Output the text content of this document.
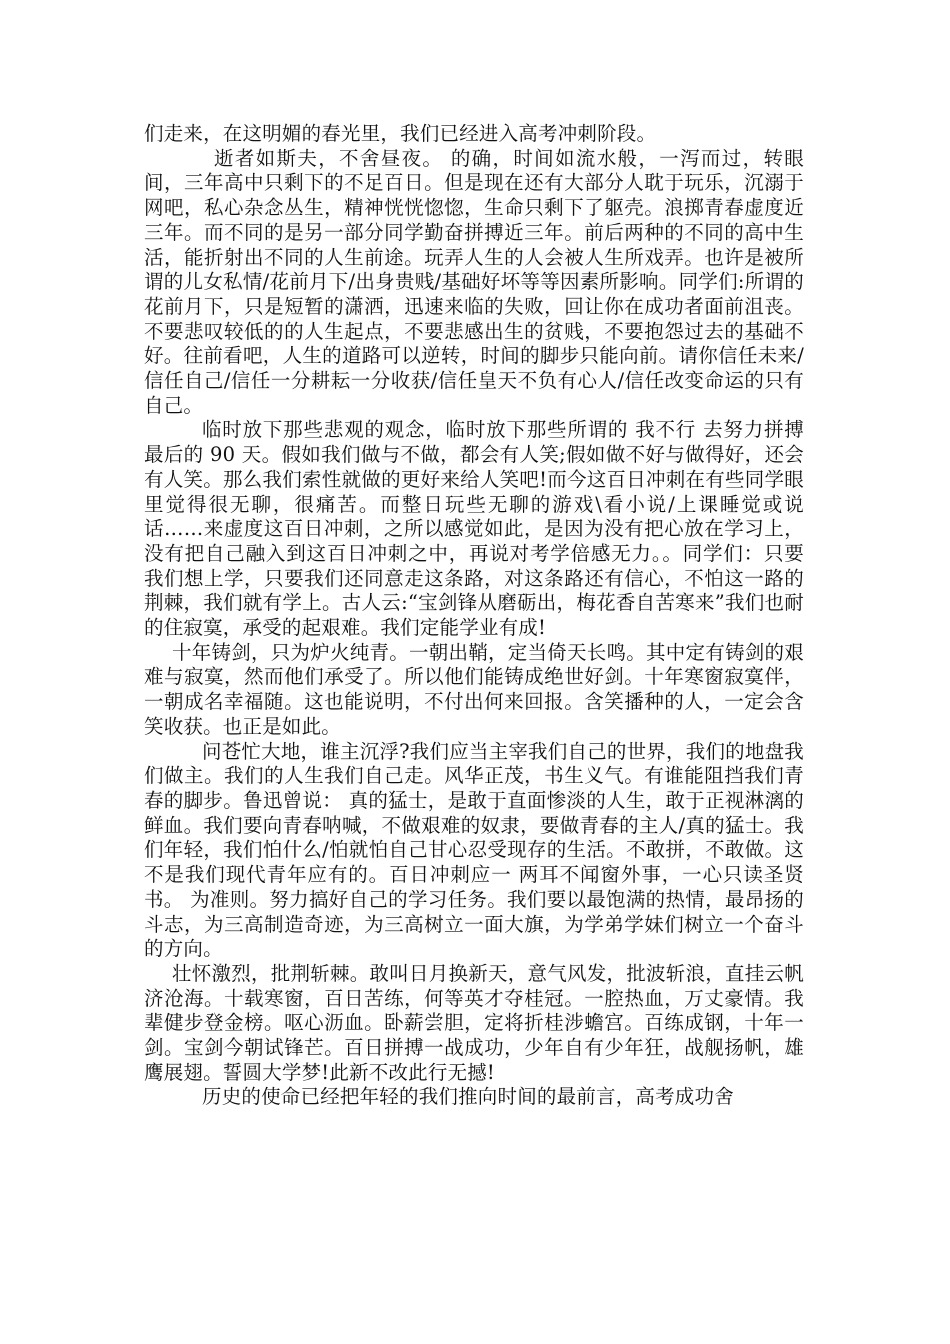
们走来，在这明媚的春光里，我们已经进入高考冲刺阶段。

逝者如斯夫，不舍昼夜。 的确，时间如流水般，一泻而过，转眼间，三年高中只剩下的不足百日。但是现在还有大部分人耽于玩乐，沉溺于网吧，私心杂念丛生，精神恍恍惚惚，生命只剩下了躯壳。浪掷青春虚度近三年。而不同的是另一部分同学勤奋拼搏近三年。前后两种的不同的高中生活，能折射出不同的人生前途。玩弄人生的人会被人生所戏弄。也许是被所谓的儿女私情/花前月下/出身贵贱/基础好坏等等因素所影响。同学们:所谓的花前月下，只是短暂的潇洒，迅速来临的失败，回让你在成功者面前沮丧。不要悲叹较低的的人生起点，不要悲感出生的贫贱，不要抱怨过去的基础不好。往前看吧，人生的道路可以逆转，时间的脚步只能向前。请你信任未来/信任自己/信任一分耕耘一分收获/信任皇天不负有心人/信任改变命运的只有自己。

临时放下那些悲观的观念，临时放下那些所谓的 我不行 去努力拼搏最后的 90 天。假如我们做与不做，都会有人笑;假如做不好与做得好，还会有人笑。那么我们索性就做的更好来给人笑吧!而今这百日冲刺在有些同学眼里觉得很无聊，很痛苦。而整日玩些无聊的游戏\看小说/上课睡觉或说话……来虚度这百日冲刺，之所以感觉如此，是因为没有把心放在学习上，没有把自己融入到这百日冲刺之中，再说对考学倍感无力。。同学们：只要我们想上学，只要我们还同意走这条路，对这条路还有信心，不怕这一路的荆棘，我们就有学上。古人云:“宝剑锋从磨砺出，梅花香自苦寒来”我们也耐的住寂寞，承受的起艰难。我们定能学业有成!

十年铸剑，只为炉火纯青。一朝出鞘，定当倚天长鸣。其中定有铸剑的艰难与寂寞，然而他们承受了。所以他们能铸成绝世好剑。十年寒窗寂寞伴，一朝成名幸福随。这也能说明，不付出何来回报。含笑播种的人，一定会含笑收获。也正是如此。

问苍忙大地，谁主沉浮?我们应当主宰我们自己的世界，我们的地盘我们做主。我们的人生我们自己走。风华正茂，书生义气。有谁能阻挡我们青春的脚步。鲁迅曾说： 真的猛士，是敢于直面惨淡的人生，敢于正视淋漓的鲜血。我们要向青春呐喊，不做艰难的奴隶，要做青春的主人/真的猛士。我们年轻，我们怕什么/怕就怕自己甘心忍受现存的生活。不敢拼，不敢做。这不是我们现代青年应有的。百日冲刺应一 两耳不闻窗外事，一心只读圣贤书。 为准则。努力搞好自己的学习任务。我们要以最饱满的热情，最昂扬的斗志，为三高制造奇迹，为三高树立一面大旗，为学弟学妹们树立一个奋斗的方向。

壮怀激烈，批荆斩棘。敢叫日月换新天，意气风发，批波斩浪，直挂云帆济沧海。十载寒窗，百日苦练，何等英才夺桂冠。一腔热血，万丈豪情。我辈健步登金榜。呕心沥血。卧薪尝胆，定将折桂涉蟾宫。百练成钢，十年一剑。宝剑今朝试锋芒。百日拼搏一战成功，少年自有少年狂，战舰扬帆，雄鹰展翅。誓圆大学梦!此新不改此行无撼!

历史的使命已经把年轻的我们推向时间的最前言，高考成功舍
